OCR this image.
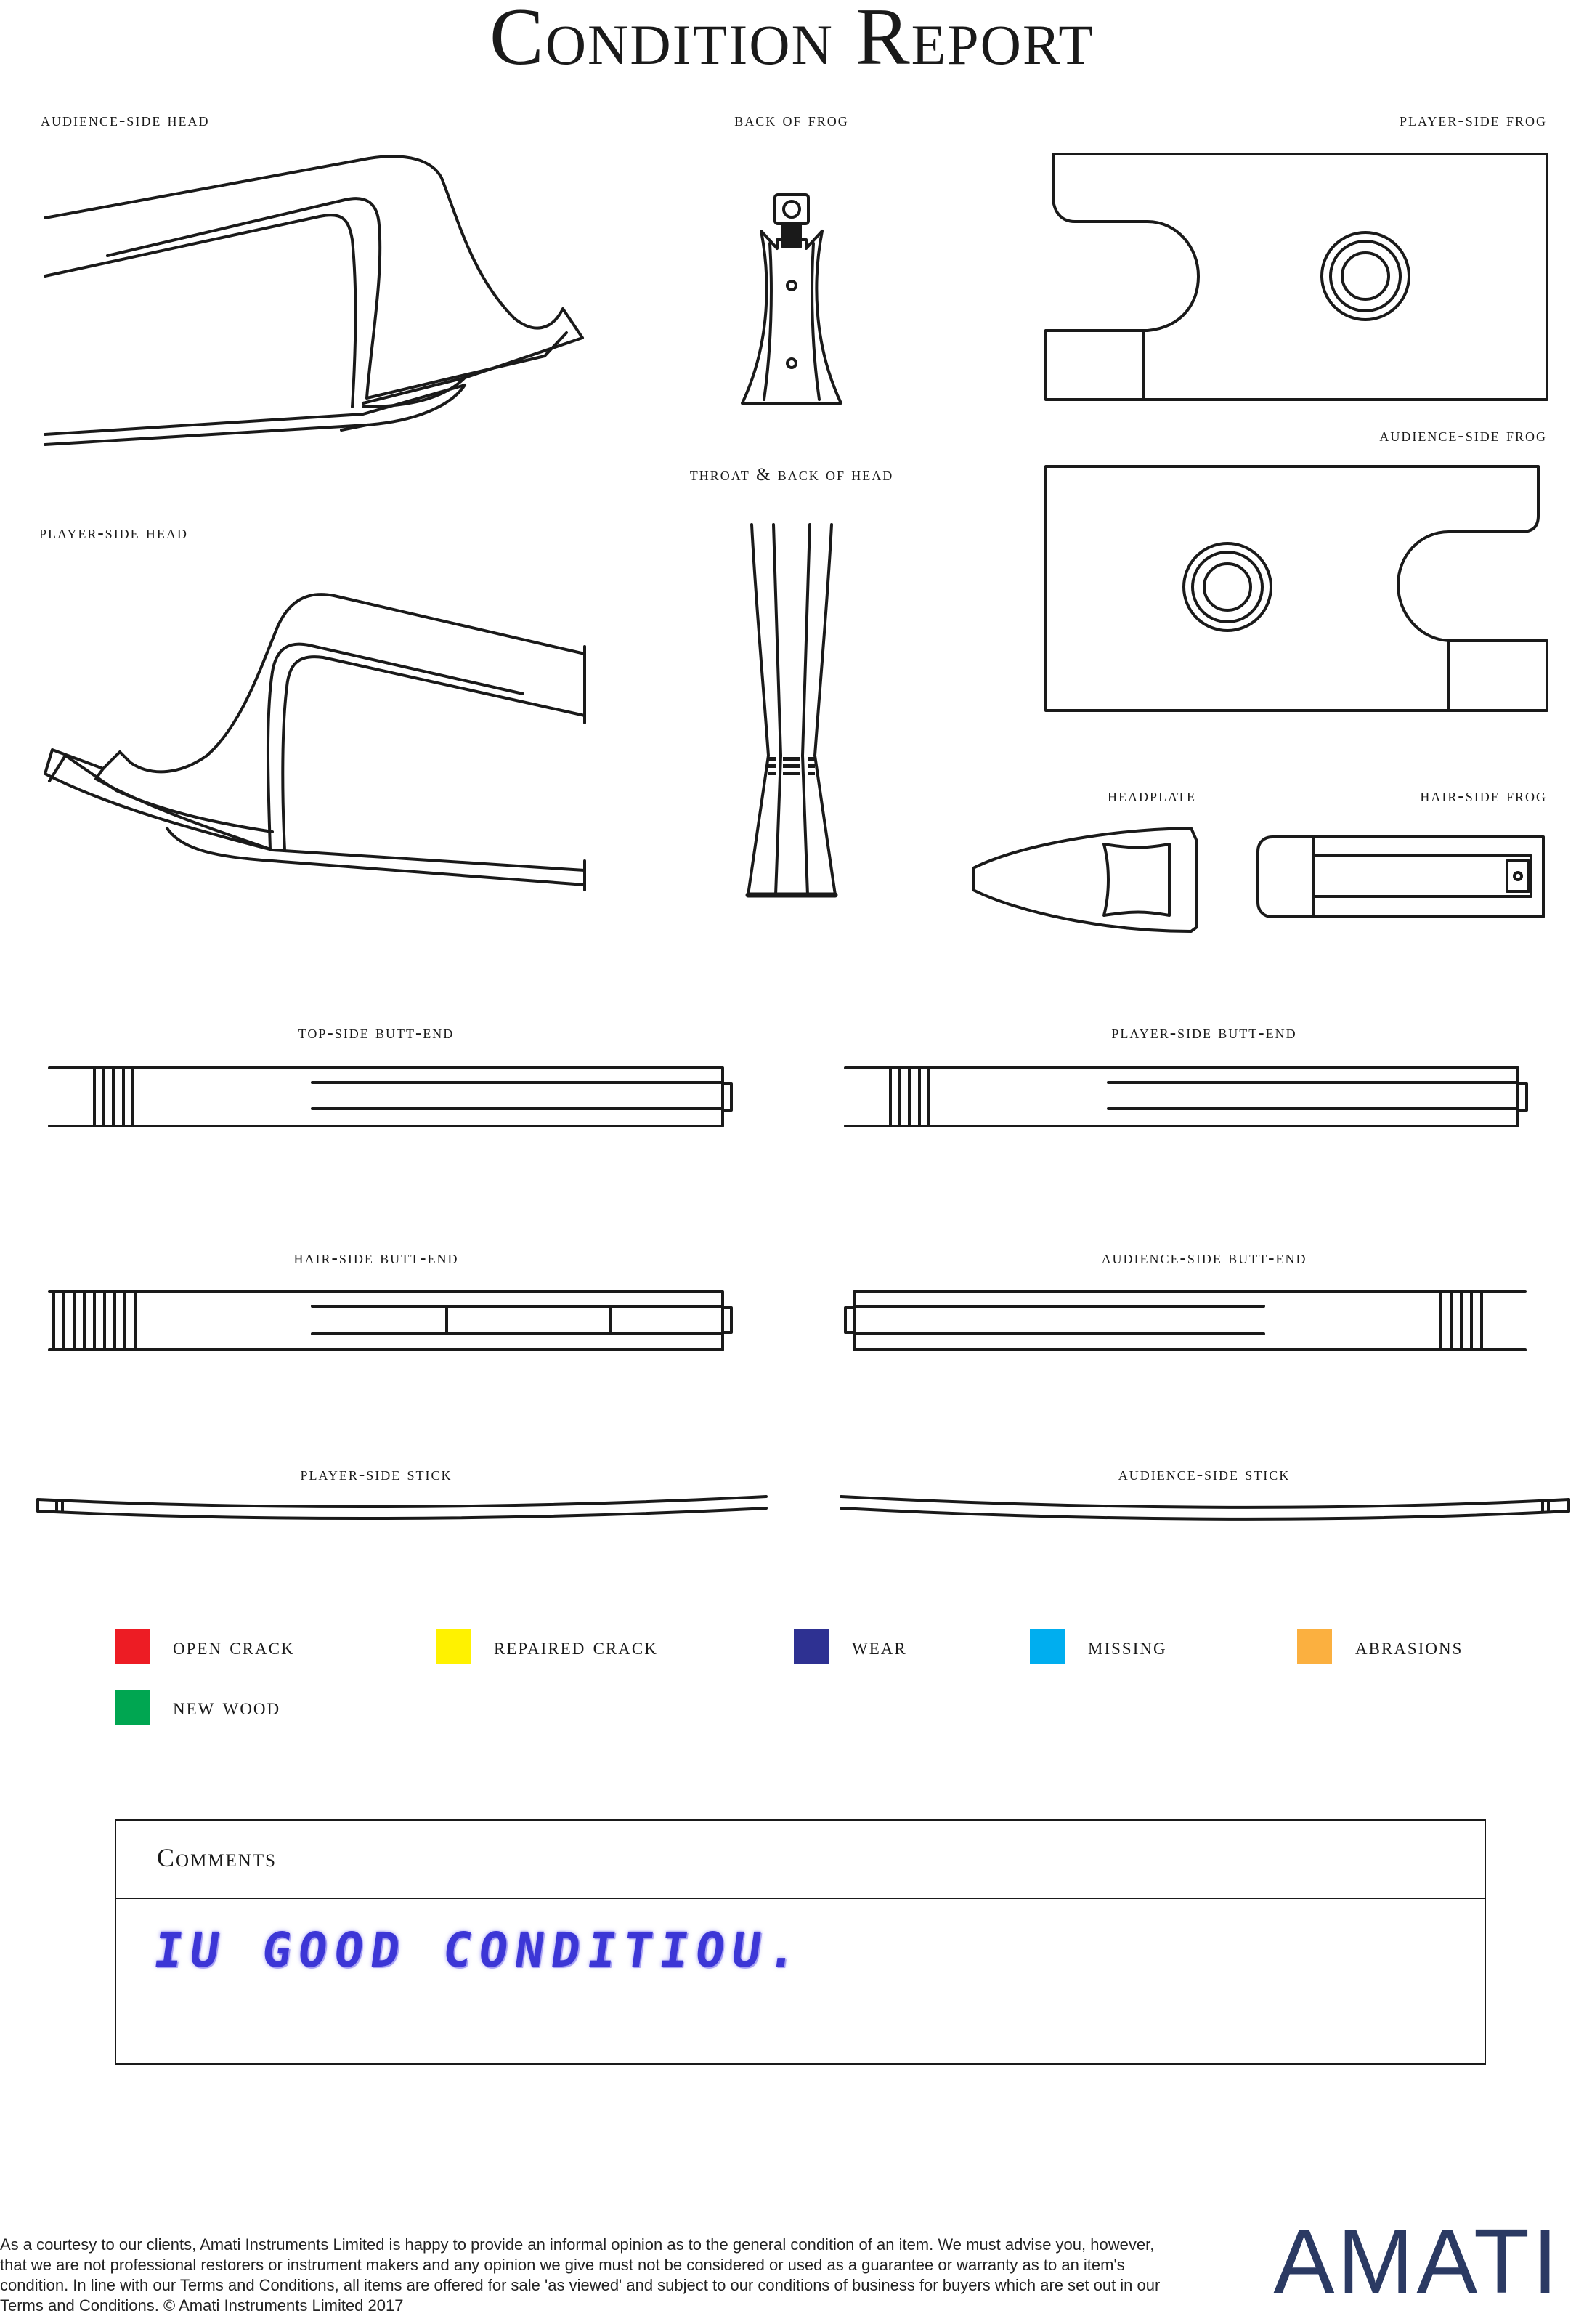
Condition Report
audience-side head	back of frog	player-side frog
audience-side frog
throat & back of head
player-side head
headplate	hair-side frog
top-side butt-end	player-side butt-end
hair-side butt-end	audience-side butt-end
player-side stick	audience-side stick
open crack	repaired crack	wear	missing	abrasions
new wood
Comments
IU GOOD CONDITIOU.
As a courtesy to our clients, Amati Instruments Limited is happy to provide an informal opinion as to the general condition of an item. We must advise you, however, that we are not professional restorers or instrument makers and any opinion we give must not be considered or used as a guarantee or warranty as to an item's condition. In line with our Terms and Conditions, all items are offered for sale 'as viewed' and subject to our conditions of business for buyers which are set out in our Terms and Conditions. © Amati Instruments Limited 2017	AMATI
